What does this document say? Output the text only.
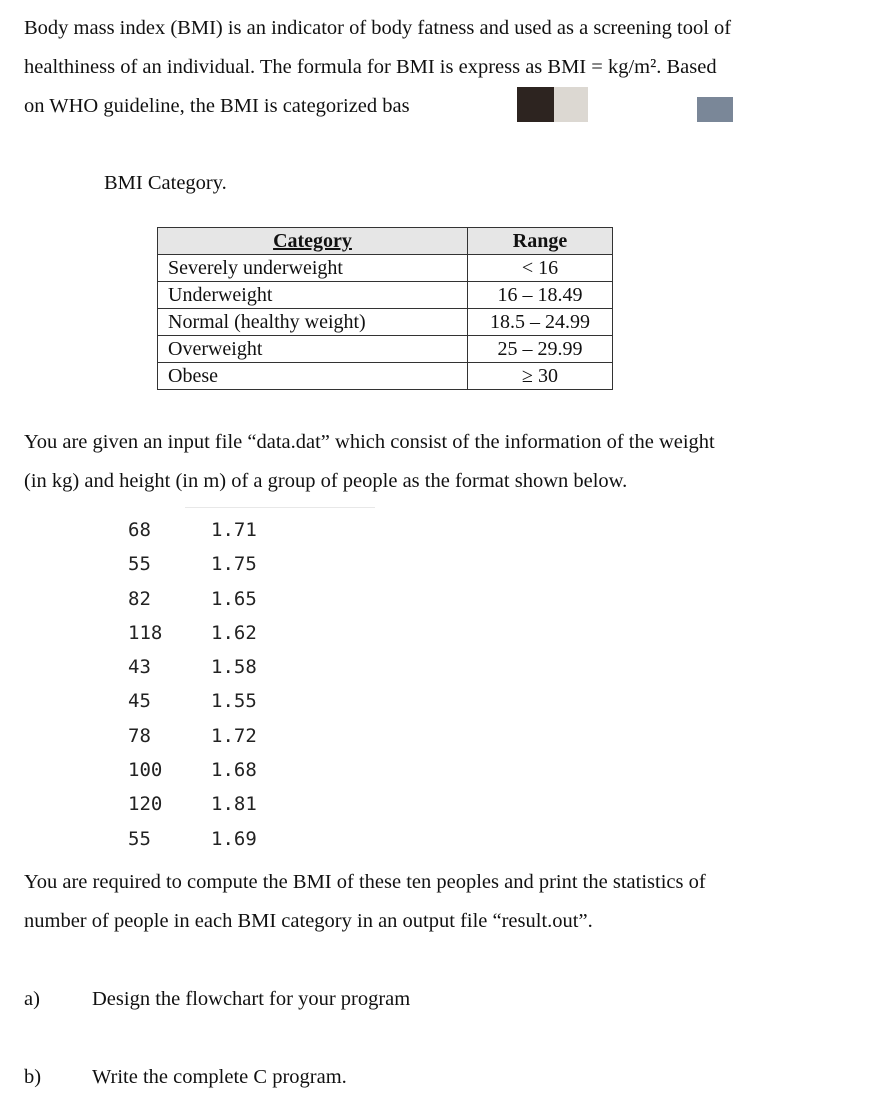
Body mass index (BMI) is an indicator of body fatness and used as a screening tool of

healthiness of an individual. The formula for BMI is express as BMI = kg/m². Based

on WHO guideline, the BMI is categorized bas

BMI Category.
Category	Range
Severely underweight	< 16
Underweight	16 – 18.49
Normal (healthy weight)	18.5 – 24.99
Overweight	25 – 29.99
Obese	≥ 30

You are given an input file “data.dat” which consist of the information of the weight

(in kg) and height (in m) of a group of people as the format shown below.

68	1.71
55	1.75
82	1.65
118	1.62
43	1.58
45	1.55
78	1.72
100	1.68
120	1.81
55	1.69

You are required to compute the BMI of these ten peoples and print the statistics of

number of people in each BMI category in an output file “result.out”.

a)	Design the flowchart for your program
b)	Write the complete C program.
